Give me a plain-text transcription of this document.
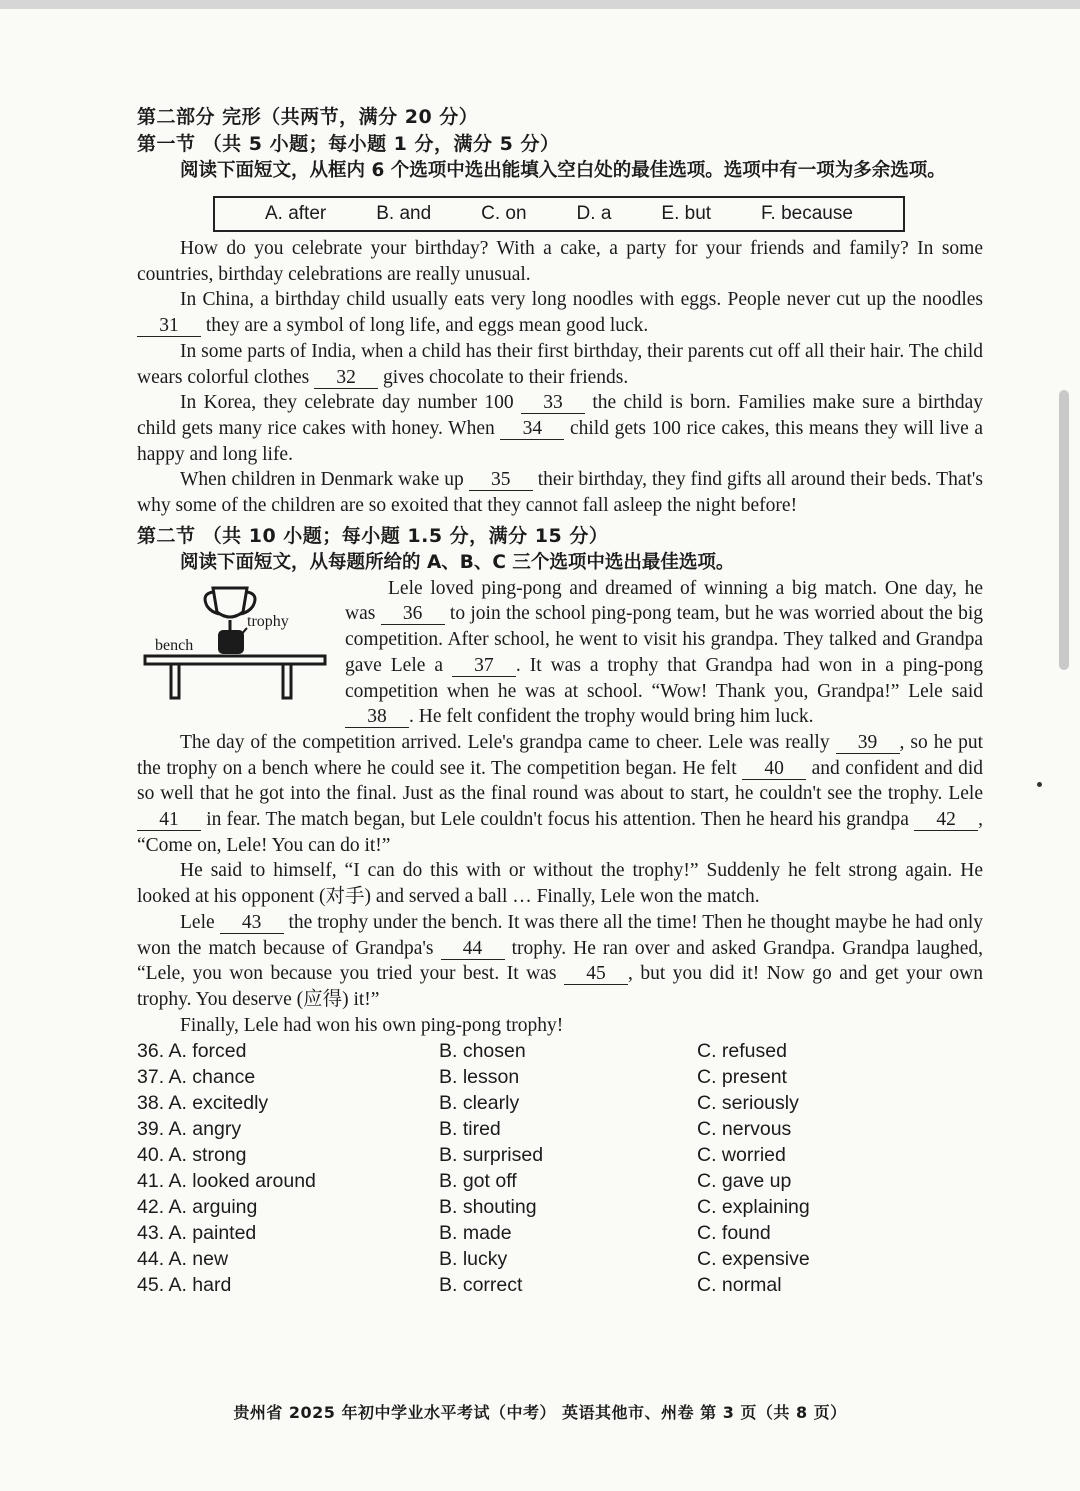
第二部分 完形（共两节，满分 20 分）
第一节 （共 5 小题；每小题 1 分，满分 5 分）
阅读下面短文，从框内 6 个选项中选出能填入空白处的最佳选项。选项中有一项为多余选项。
A. after	B. and	C. on	D. a	E. but	F. because

How do you celebrate your birthday? With a cake, a party for your friends and family? In some countries, birthday celebrations are really unusual.

In China, a birthday child usually eats very long noodles with eggs. People never cut up the noodles 31 they are a symbol of long life, and eggs mean good luck.

In some parts of India, when a child has their first birthday, their parents cut off all their hair. The child wears colorful clothes 32 gives chocolate to their friends.

In Korea, they celebrate day number 100 33 the child is born. Families make sure a birthday child gets many rice cakes with honey. When 34 child gets 100 rice cakes, this means they will live a happy and long life.

When children in Denmark wake up 35 their birthday, they find gifts all around their beds. That's why some of the children are so exoited that they cannot fall asleep the night before!

第二节 （共 10 小题；每小题 1.5 分，满分 15 分）
阅读下面短文，从每题所给的 A、B、C 三个选项中选出最佳选项。
trophy
bench

Lele loved ping-pong and dreamed of winning a big match. One day, he was 36 to join the school ping-pong team, but he was worried about the big competition. After school, he went to visit his grandpa. They talked and Grandpa gave Lele a 37 . It was a trophy that Grandpa had won in a ping-pong competition when he was at school. “Wow! Thank you, Grandpa!” Lele said 38 . He felt confident the trophy would bring him luck.

The day of the competition arrived. Lele's grandpa came to cheer. Lele was really 39 , so he put the trophy on a bench where he could see it. The competition began. He felt 40 and confident and did so well that he got into the final. Just as the final round was about to start, he couldn't see the trophy. Lele 41 in fear. The match began, but Lele couldn't focus his attention. Then he heard his grandpa 42 , “Come on, Lele! You can do it!”

He said to himself, “I can do this with or without the trophy!” Suddenly he felt strong again. He looked at his opponent (对手) and served a ball … Finally, Lele won the match.

Lele 43 the trophy under the bench. It was there all the time! Then he thought maybe he had only won the match because of Grandpa's 44 trophy. He ran over and asked Grandpa. Grandpa laughed, “Lele, you won because you tried your best. It was 45 , but you did it! Now go and get your own trophy. You deserve (应得) it!”

Finally, Lele had won his own ping-pong trophy!

36. A. forced	B. chosen	C. refused
37. A. chance	B. lesson	C. present
38. A. excitedly	B. clearly	C. seriously
39. A. angry	B. tired	C. nervous
40. A. strong	B. surprised	C. worried
41. A. looked around	B. got off	C. gave up
42. A. arguing	B. shouting	C. explaining
43. A. painted	B. made	C. found
44. A. new	B. lucky	C. expensive
45. A. hard	B. correct	C. normal
贵州省 2025 年初中学业水平考试（中考） 英语其他市、州卷 第 3 页（共 8 页）
